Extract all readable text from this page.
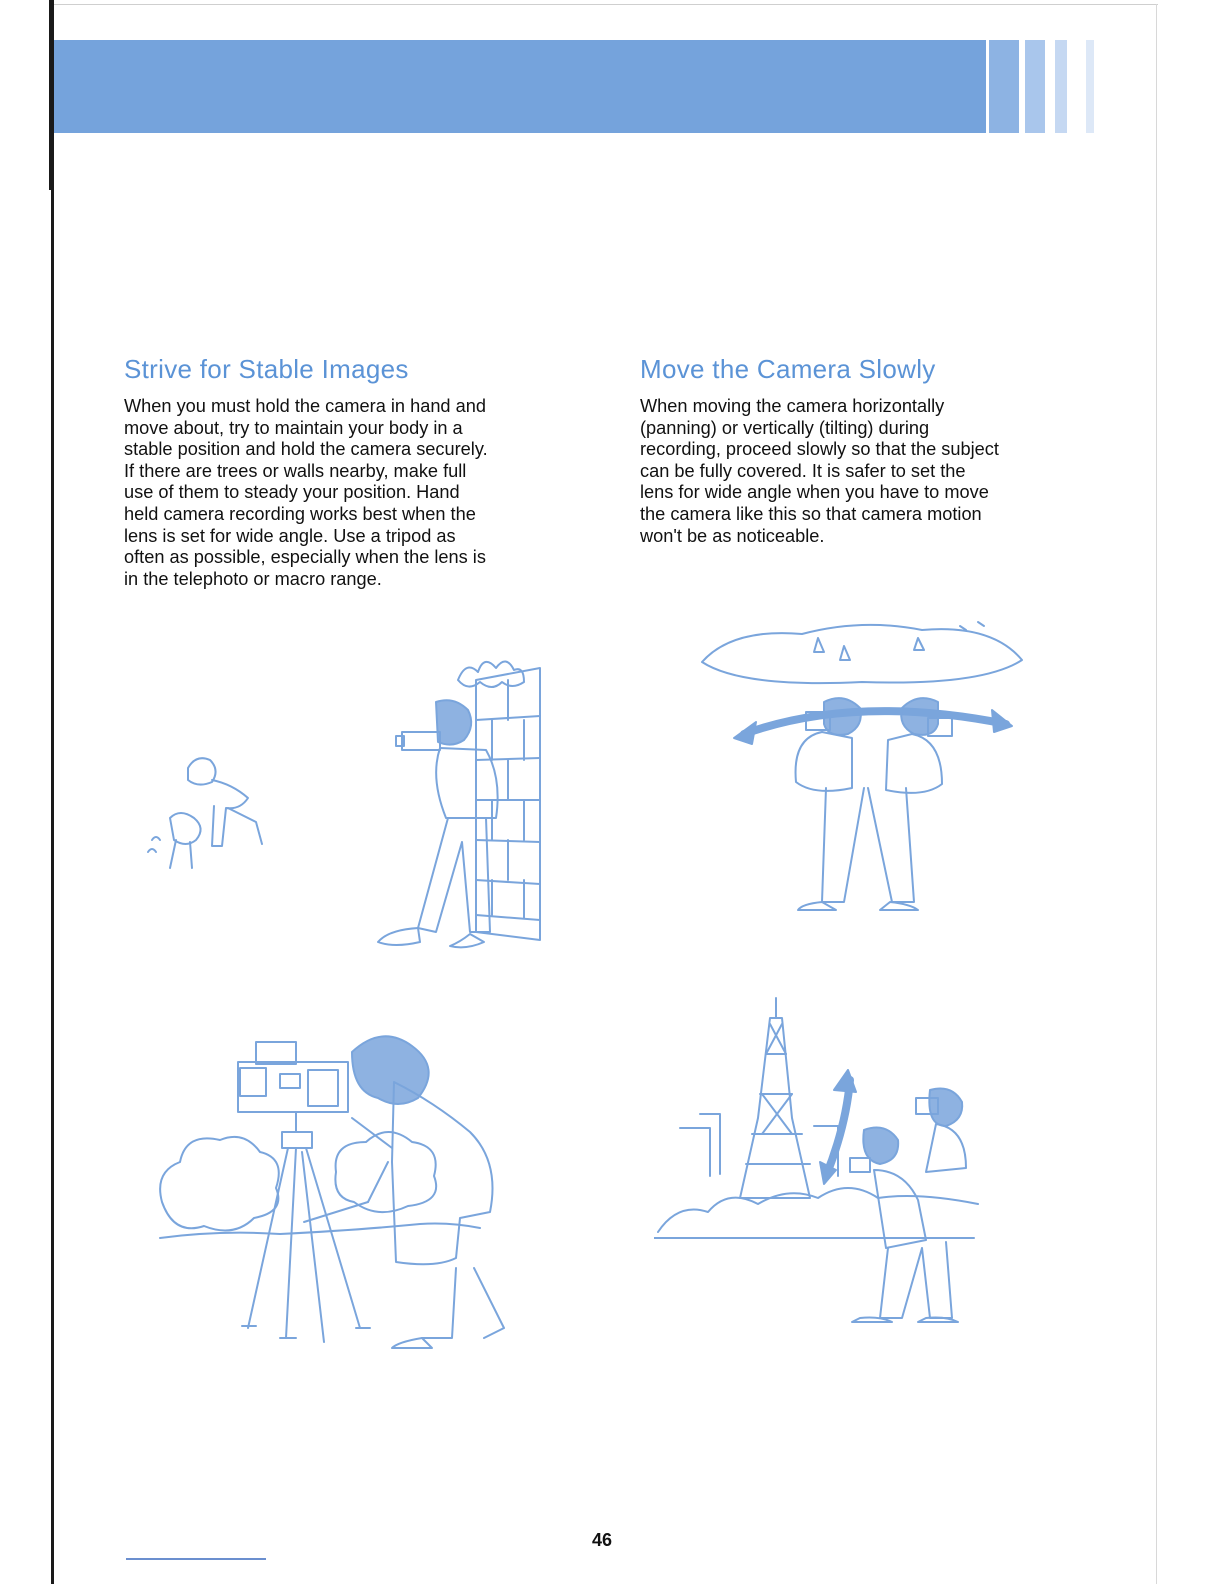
Strive for Stable Images

When you must hold the camera in hand and
move about, try to maintain your body in a
stable position and hold the camera securely.
If there are trees or walls nearby, make full
use of them to steady your position. Hand
held camera recording works best when the
lens is set for wide angle. Use a tripod as
often as possible, especially when the lens is
in the telephoto or macro range.

Move the Camera Slowly

When moving the camera horizontally
(panning) or vertically (tilting) during
recording, proceed slowly so that the subject
can be fully covered. It is safer to set the
lens for wide angle when you have to move
the camera like this so that camera motion
won't be as noticeable.

46
